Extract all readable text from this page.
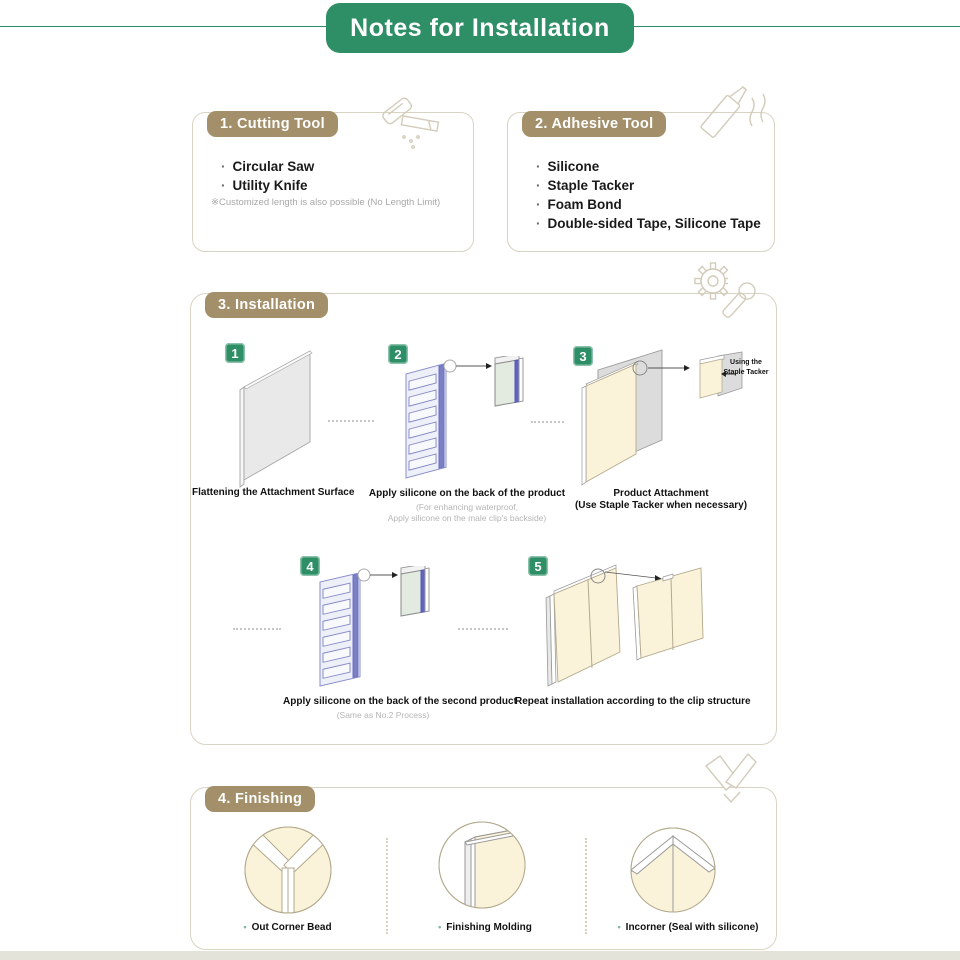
Notes for Installation
1. Cutting Tool
· Circular Saw
· Utility Knife
※Customized length is also possible (No Length Limit)
2. Adhesive Tool
· Silicone
· Staple Tacker
· Foam Bond
· Double-sided Tape, Silicone Tape
3. Installation
1
Flattening the Attachment Surface
2
Apply silicone on the back of the product
(For enhancing waterproof,
Apply silicone on the male clip's backside)
3	Using the
Staple Tacker
Product Attachment
(Use Staple Tacker when necessary)
4
Apply silicone on the back of the second product
(Same as No.2 Process)
5
Repeat installation according to the clip structure
4. Finishing
• Out Corner Bead	• Finishing Molding	• Incorner (Seal with silicone)
